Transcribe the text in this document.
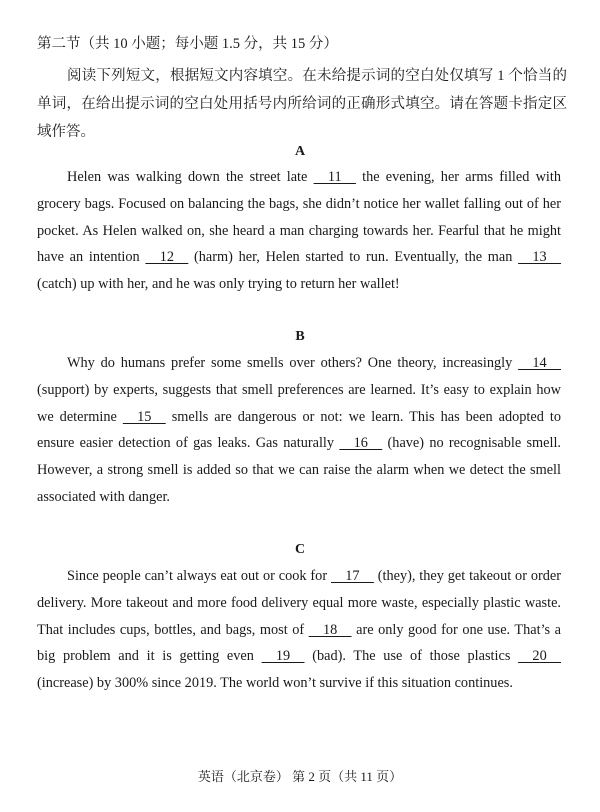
第二节（共 10 小题；每小题 1.5 分，共 15 分）
阅读下列短文，根据短文内容填空。在未给提示词的空白处仅填写 1 个恰当的单词，在给出提示词的空白处用括号内所给词的正确形式填空。请在答题卡指定区域作答。
A
Helen was walking down the street late     11     the evening, her arms filled with grocery bags. Focused on balancing the bags, she didn’t notice her wallet falling out of her pocket. As Helen walked on, she heard a man charging towards her. Fearful that he might have an intention     12     (harm) her, Helen started to run. Eventually, the man     13     (catch) up with her, and he was only trying to return her wallet!
B
Why do humans prefer some smells over others? One theory, increasingly     14     (support) by experts, suggests that smell preferences are learned. It’s easy to explain how we determine     15     smells are dangerous or not: we learn. This has been adopted to ensure easier detection of gas leaks. Gas naturally     16     (have) no recognisable smell. However, a strong smell is added so that we can raise the alarm when we detect the smell associated with danger.
C
Since people can’t always eat out or cook for     17     (they), they get takeout or order delivery. More takeout and more food delivery equal more waste, especially plastic waste. That includes cups, bottles, and bags, most of     18     are only good for one use. That’s a big problem and it is getting even     19     (bad). The use of those plastics     20     (increase) by 300% since 2019. The world won’t survive if this situation continues.
英语（北京卷） 第 2 页（共 11 页）
